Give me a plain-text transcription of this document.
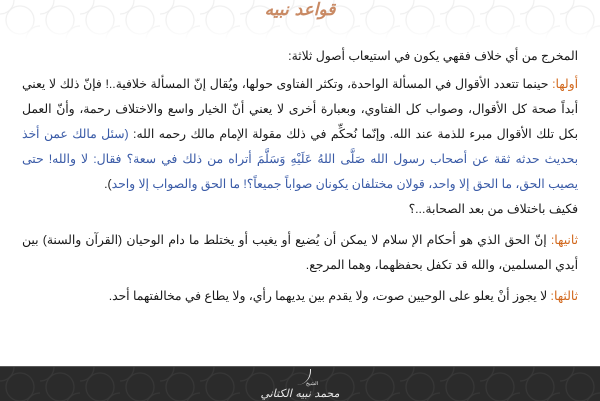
قواعد نبيه

المخرج من أي خلاف فقهي يكون في استيعاب أصول ثلاثة:

أولها: حينما تتعدد الأقوال في المسألة الواحدة، وتكثر الفتاوى حولها، ويُقال إنّ المسألة خلافية..! فإنّ ذلك لا يعني أبداً صحة كل الأقوال، وصواب كل الفتاوي، وبعبارة أخرى لا يعني أنّ الخيار واسع والاختلاف رحمة، وأنّ العمل بكل تلك الأقوال مبرء للذمة عند الله. وإنّما نُحكِّم في ذلك مقولة الإمام مالك رحمه الله: (سئل مالك عمن أخذ بحديث حدثه ثقة عن أصحاب رسول الله صَلَّى اللهُ عَلَيْهِ وَسَلَّمَ أتراه من ذلك في سعة؟ فقال: لا والله! حتى يصيب الحق، ما الحق إلا واحد، قولان مختلفان يكونان صواباً جميعاً؟! ما الحق والصواب إلا واحد).

فكيف باختلاف من بعد الصحابة...؟

ثانيها: إنّ الحق الذي هو أحكام الإ سلام لا يمكن أن يُضيع أو يغيب أو يختلط ما دام الوحيان (القرآن والسنة) بين أيدي المسلمين، والله قد تكفل بحفظهما، وهما المرجع.

ثالثها: لا يجوز أنْ يعلو على الوحيين صوت، ولا يقدم بين يديهما رأي، ولا يطاع في مخالفتهما أحد.

الشيخ
محمد نبيه الكتاني
